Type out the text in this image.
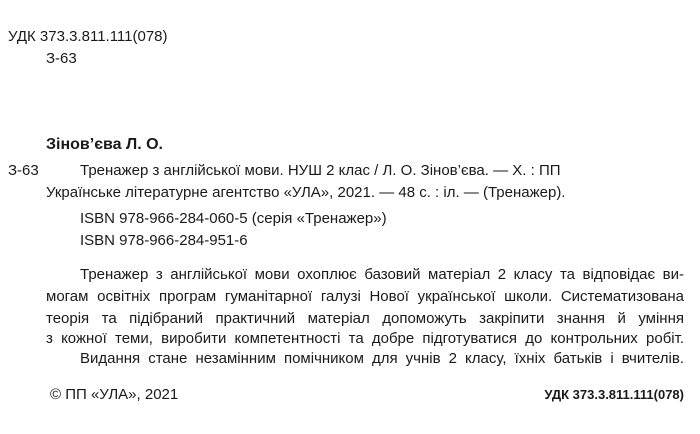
УДК 373.3.811.111(078)
З-63
Зінов’єва Л. О.
З-63	Тренажер з англійської мови. НУШ 2 клас / Л. О. Зінов’єва. — Х. : ПП
Українське літературне агентство «УЛА», 2021. — 48 с. : іл. — (Тренажер).
ISBN 978-966-284-060-5 (серія «Тренажер»)
ISBN 978-966-284-951-6
Тренажер з англійської мови охоплює базовий матеріал 2 класу та відповідає ви-
могам освітніх програм гуманітарної галузі Нової української школи. Систематизована
теорія та підібраний практичний матеріал допоможуть закріпити знання й уміння
з кожної теми, виробити компетентності та добре підготуватися до контрольних робіт.
Видання стане незамінним помічником для учнів 2 класу, їхніх батьків і вчителів.
© ПП «УЛА», 2021	УДК 373.3.811.111(078)
